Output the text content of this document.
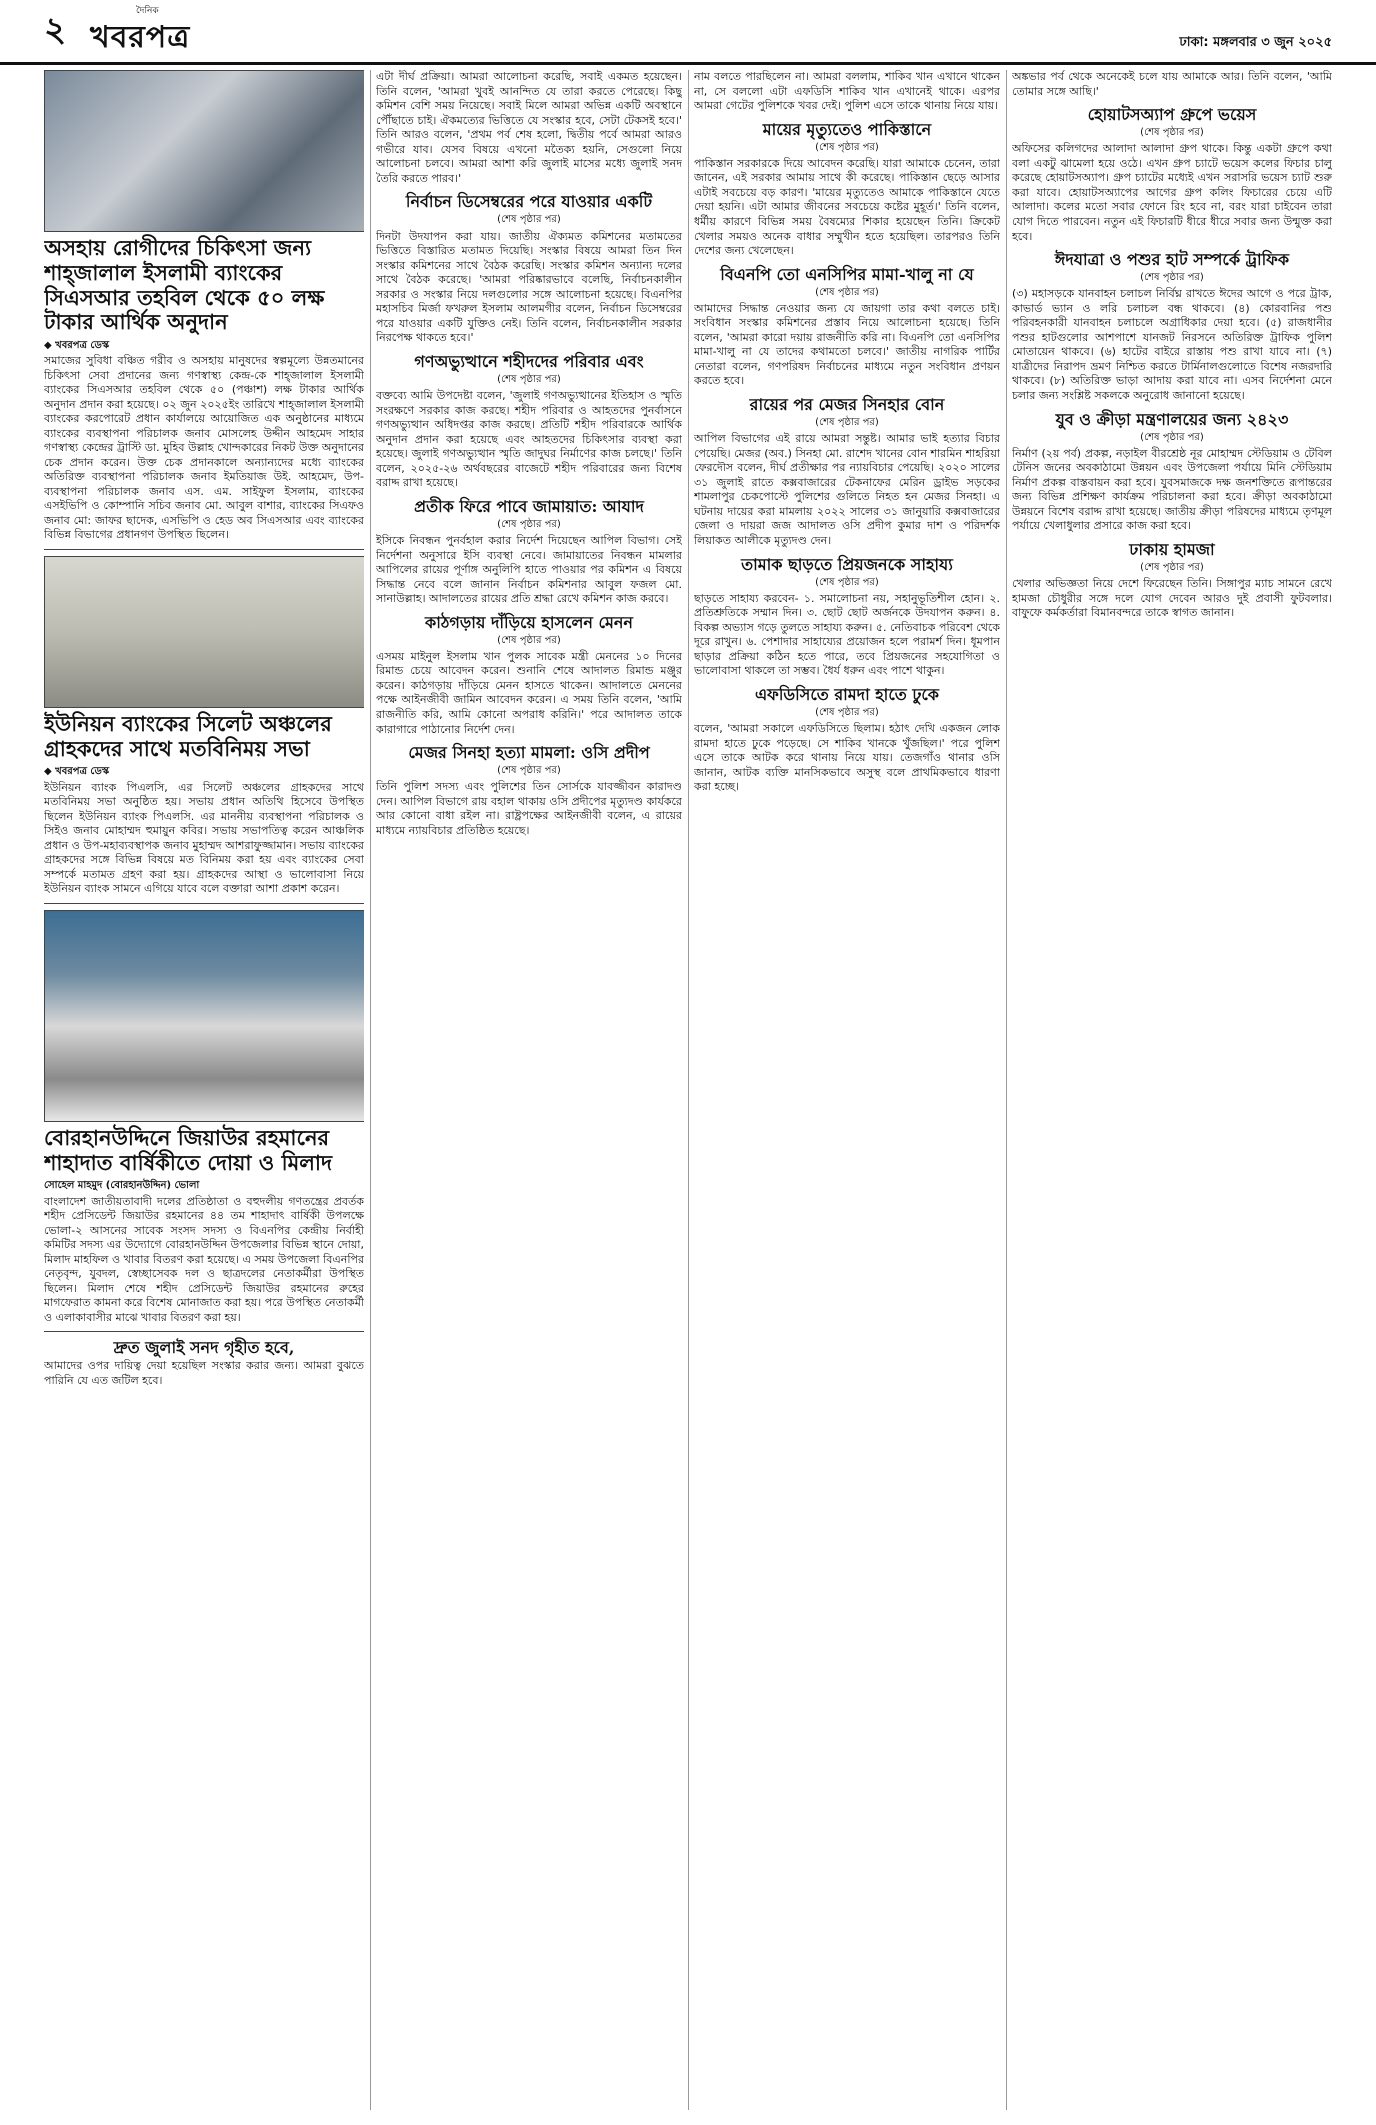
২	দৈনিক
খবরপত্র	ঢাকা: মঙ্গলবার ৩ জুন ২০২৫
অসহায় রোগীদের চিকিৎসা জন্য শাহ্‌জালাল ইসলামী ব্যাংকের সিএসআর তহবিল থেকে ৫০ লক্ষ টাকার আর্থিক অনুদান
◆ খবরপত্র ডেস্ক
সমাজের সুবিধা বঞ্চিত গরীব ও অসহায় মানুষদের স্বল্পমূল্যে উন্নতমানের চিকিৎসা সেবা প্রদানের জন্য গণস্বাস্থ্য কেন্দ্র-কে শাহ্‌জালাল ইসলামী ব্যাংকের সিএসআর তহবিল থেকে ৫০ (পঞ্চাশ) লক্ষ টাকার আর্থিক অনুদান প্রদান করা হয়েছে। ০২ জুন ২০২৫ইং তারিখে শাহ্‌জালাল ইসলামী ব্যাংকের করপোরেট প্রধান কার্যালয়ে আয়োজিত এক অনুষ্ঠানের মাধ্যমে ব্যাংকের ব্যবস্থাপনা পরিচালক জনাব মোসলেহ উদ্দীন আহমেদ সাহার গণস্বাস্থ্য কেন্দ্রের ট্রাস্টি ডা. মুহিব উল্লাহ খোন্দকারের নিকট উক্ত অনুদানের চেক প্রদান করেন। উক্ত চেক প্রদানকালে অন্যান্যদের মধ্যে ব্যাংকের অতিরিক্ত ব্যবস্থাপনা পরিচালক জনাব ইমতিয়াজ উই. আহমেদ, উপ-ব্যবস্থাপনা পরিচালক জনাব এস. এম. সাইফুল ইসলাম, ব্যাংকের এসইভিপি ও কোম্পানি সচিব জনাব মো. আবুল বাশার, ব্যাংকের সিএফও জনাব মো: জাফর ছাদেক, এসভিপি ও হেড অব সিএসআর এবং ব্যাংকের বিভিন্ন বিভাগের প্রধানগণ উপস্থিত ছিলেন।
ইউনিয়ন ব্যাংকের সিলেট অঞ্চলের গ্রাহকদের সাথে মতবিনিময় সভা
◆ খবরপত্র ডেস্ক
ইউনিয়ন ব্যাংক পিএলসি, এর সিলেট অঞ্চলের গ্রাহকদের সাথে মতবিনিময় সভা অনুষ্ঠিত হয়। সভায় প্রধান অতিথি হিসেবে উপস্থিত ছিলেন ইউনিয়ন ব্যাংক পিএলসি. এর মাননীয় ব্যবস্থাপনা পরিচালক ও সিইও জনাব মোহাম্মদ হুমায়ুন কবির। সভায় সভাপতিত্ব করেন আঞ্চলিক প্রধান ও উপ-মহাব্যবস্থাপক জনাব মুহাম্মদ আশরাফুজ্জামান। সভায় ব্যাংকের গ্রাহকদের সঙ্গে বিভিন্ন বিষয়ে মত বিনিময় করা হয় এবং ব্যাংকের সেবা সম্পর্কে মতামত গ্রহণ করা হয়। গ্রাহকদের আস্থা ও ভালোবাসা নিয়ে ইউনিয়ন ব্যাংক সামনে এগিয়ে যাবে বলে বক্তারা আশা প্রকাশ করেন।
বোরহানউদ্দিনে জিয়াউর রহমানের শাহাদাত বার্ষিকীতে দোয়া ও মিলাদ
সোহেল মাহমুদ (বোরহানউদ্দিন) ভোলা
বাংলাদেশ জাতীয়তাবাদী দলের প্রতিষ্ঠাতা ও বহুদলীয় গণতন্ত্রের প্রবর্তক শহীদ প্রেসিডেন্ট জিয়াউর রহমানের ৪৪ তম শাহাদাৎ বার্ষিকী উপলক্ষে ভোলা-২ আসনের সাবেক সংসদ সদস্য ও বিএনপির কেন্দ্রীয় নির্বাহী কমিটির সদস্য এর উদ্যোগে বোরহানউদ্দিন উপজেলার বিভিন্ন স্থানে দোয়া, মিলাদ মাহফিল ও খাবার বিতরণ করা হয়েছে। এ সময় উপজেলা বিএনপির নেতৃবৃন্দ, যুবদল, স্বেচ্ছাসেবক দল ও ছাত্রদলের নেতাকর্মীরা উপস্থিত ছিলেন। মিলাদ শেষে শহীদ প্রেসিডেন্ট জিয়াউর রহমানের রুহের মাগফেরাত কামনা করে বিশেষ মোনাজাত করা হয়। পরে উপস্থিত নেতাকর্মী ও এলাকাবাসীর মাঝে খাবার বিতরণ করা হয়।
দ্রুত জুলাই সনদ গৃহীত হবে,
আমাদের ওপর দায়িত্ব দেয়া হয়েছিল সংস্কার করার জন্য। আমরা বুঝতে পারিনি যে এত জটিল হবে।
এটা দীর্ঘ প্রক্রিয়া। আমরা আলোচনা করেছি, সবাই একমত হয়েছেন। তিনি বলেন, 'আমরা খুবই আনন্দিত যে তারা করতে পেরেছে। কিছু কমিশন বেশি সময় নিয়েছে। সবাই মিলে আমরা অভিন্ন একটি অবস্থানে পৌঁছাতে চাই। ঐকমত্যের ভিত্তিতে যে সংস্কার হবে, সেটা টেকসই হবে।' তিনি আরও বলেন, 'প্রথম পর্ব শেষ হলো, দ্বিতীয় পর্বে আমরা আরও গভীরে যাব। যেসব বিষয়ে এখনো মতৈক্য হয়নি, সেগুলো নিয়ে আলোচনা চলবে। আমরা আশা করি জুলাই মাসের মধ্যে জুলাই সনদ তৈরি করতে পারব।'
নির্বাচন ডিসেম্বরের পরে যাওয়ার একটি
(শেষ পৃষ্ঠার পর)
দিনটা উদযাপন করা যায়। জাতীয় ঐক্যমত কমিশনের মতামতের ভিত্তিতে বিস্তারিত মতামত দিয়েছি। সংস্কার বিষয়ে আমরা তিন দিন সংস্কার কমিশনের সাথে বৈঠক করেছি। সংস্কার কমিশন অন্যান্য দলের সাথে বৈঠক করেছে। 'আমরা পরিষ্কারভাবে বলেছি, নির্বাচনকালীন সরকার ও সংস্কার নিয়ে দলগুলোর সঙ্গে আলোচনা হয়েছে। বিএনপির মহাসচিব মির্জা ফখরুল ইসলাম আলমগীর বলেন, নির্বাচন ডিসেম্বরের পরে যাওয়ার একটি যুক্তিও নেই। তিনি বলেন, নির্বাচনকালীন সরকার নিরপেক্ষ থাকতে হবে।'
গণঅভ্যুত্থানে শহীদদের পরিবার এবং
(শেষ পৃষ্ঠার পর)
বক্তব্যে আমি উপদেষ্টা বলেন, 'জুলাই গণঅভ্যুত্থানের ইতিহাস ও স্মৃতি সংরক্ষণে সরকার কাজ করছে। শহীদ পরিবার ও আহতদের পুনর্বাসনে গণঅভ্যুত্থান অধিদপ্তর কাজ করছে। প্রতিটি শহীদ পরিবারকে আর্থিক অনুদান প্রদান করা হয়েছে এবং আহতদের চিকিৎসার ব্যবস্থা করা হয়েছে। জুলাই গণঅভ্যুত্থান স্মৃতি জাদুঘর নির্মাণের কাজ চলছে।' তিনি বলেন, ২০২৫-২৬ অর্থবছরের বাজেটে শহীদ পরিবারের জন্য বিশেষ বরাদ্দ রাখা হয়েছে।
প্রতীক ফিরে পাবে জামায়াত: আযাদ
(শেষ পৃষ্ঠার পর)
ইসিকে নিবন্ধন পুনর্বহাল করার নির্দেশ দিয়েছেন আপিল বিভাগ। সেই নির্দেশনা অনুসারে ইসি ব্যবস্থা নেবে। জামায়াতের নিবন্ধন মামলার আপিলের রায়ের পূর্ণাঙ্গ অনুলিপি হাতে পাওয়ার পর কমিশন এ বিষয়ে সিদ্ধান্ত নেবে বলে জানান নির্বাচন কমিশনার আবুল ফজল মো. সানাউল্লাহ। আদালতের রায়ের প্রতি শ্রদ্ধা রেখে কমিশন কাজ করবে।
কাঠগড়ায় দাঁড়িয়ে হাসলেন মেনন
(শেষ পৃষ্ঠার পর)
এসময় মাইনুল ইসলাম খান পুলক সাবেক মন্ত্রী মেননের ১০ দিনের রিমান্ড চেয়ে আবেদন করেন। শুনানি শেষে আদালত রিমান্ড মঞ্জুর করেন। কাঠগড়ায় দাঁড়িয়ে মেনন হাসতে থাকেন। আদালতে মেননের পক্ষে আইনজীবী জামিন আবেদন করেন। এ সময় তিনি বলেন, 'আমি রাজনীতি করি, আমি কোনো অপরাধ করিনি।' পরে আদালত তাকে কারাগারে পাঠানোর নির্দেশ দেন।
মেজর সিনহা হত্যা মামলা: ওসি প্রদীপ
(শেষ পৃষ্ঠার পর)
তিনি পুলিশ সদস্য এবং পুলিশের তিন সোর্সকে যাবজ্জীবন কারাদণ্ড দেন। আপিল বিভাগে রায় বহাল থাকায় ওসি প্রদীপের মৃত্যুদণ্ড কার্যকরে আর কোনো বাধা রইল না। রাষ্ট্রপক্ষের আইনজীবী বলেন, এ রায়ের মাধ্যমে ন্যায়বিচার প্রতিষ্ঠিত হয়েছে।
নাম বলতে পারছিলেন না। আমরা বললাম, শাকিব খান এখানে থাকেন না, সে বললো এটা এফডিসি শাকিব খান এখানেই থাকে। এরপর আমরা গেটের পুলিশকে খবর দেই। পুলিশ এসে তাকে থানায় নিয়ে যায়।
মায়ের মৃত্যুতেও পাকিস্তানে
(শেষ পৃষ্ঠার পর)
পাকিস্তান সরকারকে দিয়ে আবেদন করেছি। যারা আমাকে চেনেন, তারা জানেন, এই সরকার আমায় সাথে কী করেছে। পাকিস্তান ছেড়ে আসার এটাই সবচেয়ে বড় কারণ। 'মায়ের মৃত্যুতেও আমাকে পাকিস্তানে যেতে দেয়া হয়নি। এটা আমার জীবনের সবচেয়ে কষ্টের মুহূর্ত।' তিনি বলেন, ধর্মীয় কারণে বিভিন্ন সময় বৈষম্যের শিকার হয়েছেন তিনি। ক্রিকেট খেলার সময়ও অনেক বাধার সম্মুখীন হতে হয়েছিল। তারপরও তিনি দেশের জন্য খেলেছেন।
বিএনপি তো এনসিপির মামা-খালু না যে
(শেষ পৃষ্ঠার পর)
আমাদের সিদ্ধান্ত নেওয়ার জন্য যে জায়গা তার কথা বলতে চাই। সংবিধান সংস্কার কমিশনের প্রস্তাব নিয়ে আলোচনা হয়েছে। তিনি বলেন, 'আমরা কারো দয়ায় রাজনীতি করি না। বিএনপি তো এনসিপির মামা-খালু না যে তাদের কথামতো চলবে।' জাতীয় নাগরিক পার্টির নেতারা বলেন, গণপরিষদ নির্বাচনের মাধ্যমে নতুন সংবিধান প্রণয়ন করতে হবে।
রায়ের পর মেজর সিনহার বোন
(শেষ পৃষ্ঠার পর)
আপিল বিভাগের এই রায়ে আমরা সন্তুষ্ট। আমার ভাই হত্যার বিচার পেয়েছি। মেজর (অব.) সিনহা মো. রাশেদ খানের বোন শারমিন শাহরিয়া ফেরদৌস বলেন, দীর্ঘ প্রতীক্ষার পর ন্যায়বিচার পেয়েছি। ২০২০ সালের ৩১ জুলাই রাতে কক্সবাজারের টেকনাফের মেরিন ড্রাইভ সড়কের শামলাপুর চেকপোস্টে পুলিশের গুলিতে নিহত হন মেজর সিনহা। এ ঘটনায় দায়ের করা মামলায় ২০২২ সালের ৩১ জানুয়ারি কক্সবাজারের জেলা ও দায়রা জজ আদালত ওসি প্রদীপ কুমার দাশ ও পরিদর্শক লিয়াকত আলীকে মৃত্যুদণ্ড দেন।
তামাক ছাড়তে প্রিয়জনকে সাহায্য
(শেষ পৃষ্ঠার পর)
ছাড়তে সাহায্য করবেন- ১. সমালোচনা নয়, সহানুভূতিশীল হোন। ২. প্রতিশ্রুতিকে সম্মান দিন। ৩. ছোট ছোট অর্জনকে উদযাপন করুন। ৪. বিকল্প অভ্যাস গড়ে তুলতে সাহায্য করুন। ৫. নেতিবাচক পরিবেশ থেকে দূরে রাখুন। ৬. পেশাদার সাহায্যের প্রয়োজন হলে পরামর্শ দিন। ধূমপান ছাড়ার প্রক্রিয়া কঠিন হতে পারে, তবে প্রিয়জনের সহযোগিতা ও ভালোবাসা থাকলে তা সম্ভব। ধৈর্য ধরুন এবং পাশে থাকুন।
এফডিসিতে রামদা হাতে ঢুকে
(শেষ পৃষ্ঠার পর)
বলেন, 'আমরা সকালে এফডিসিতে ছিলাম। হঠাৎ দেখি একজন লোক রামদা হাতে ঢুকে পড়েছে। সে শাকিব খানকে খুঁজছিল।' পরে পুলিশ এসে তাকে আটক করে থানায় নিয়ে যায়। তেজগাঁও থানার ওসি জানান, আটক ব্যক্তি মানসিকভাবে অসুস্থ বলে প্রাথমিকভাবে ধারণা করা হচ্ছে।
অঙ্কভার পর্ব থেকে অনেকেই চলে যায় আমাকে আর। তিনি বলেন, 'আমি তোমার সঙ্গে আছি।'
হোয়াটসঅ্যাপ গ্রুপে ভয়েস
(শেষ পৃষ্ঠার পর)
অফিসের কলিগদের আলাদা আলাদা গ্রুপ থাকে। কিন্তু একটা গ্রুপে কথা বলা একটু ঝামেলা হয়ে ওঠে। এখন গ্রুপ চ্যাটে ভয়েস কলের ফিচার চালু করেছে হোয়াটসঅ্যাপ। গ্রুপ চ্যাটের মধ্যেই এখন সরাসরি ভয়েস চ্যাট শুরু করা যাবে। হোয়াটসঅ্যাপের আগের গ্রুপ কলিং ফিচারের চেয়ে এটি আলাদা। কলের মতো সবার ফোনে রিং হবে না, বরং যারা চাইবেন তারা যোগ দিতে পারবেন। নতুন এই ফিচারটি ধীরে ধীরে সবার জন্য উন্মুক্ত করা হবে।
ঈদযাত্রা ও পশুর হাট সম্পর্কে ট্রাফিক
(শেষ পৃষ্ঠার পর)
(৩) মহাসড়কে যানবাহন চলাচল নির্বিঘ্ন রাখতে ঈদের আগে ও পরে ট্রাক, কাভার্ড ভ্যান ও লরি চলাচল বন্ধ থাকবে। (৪) কোরবানির পশু পরিবহনকারী যানবাহন চলাচলে অগ্রাধিকার দেয়া হবে। (৫) রাজধানীর পশুর হাটগুলোর আশপাশে যানজট নিরসনে অতিরিক্ত ট্রাফিক পুলিশ মোতায়েন থাকবে। (৬) হাটের বাইরে রাস্তায় পশু রাখা যাবে না। (৭) যাত্রীদের নিরাপদ ভ্রমণ নিশ্চিত করতে টার্মিনালগুলোতে বিশেষ নজরদারি থাকবে। (৮) অতিরিক্ত ভাড়া আদায় করা যাবে না। এসব নির্দেশনা মেনে চলার জন্য সংশ্লিষ্ট সকলকে অনুরোধ জানানো হয়েছে।
যুব ও ক্রীড়া মন্ত্রণালয়ের জন্য ২৪২৩
(শেষ পৃষ্ঠার পর)
নির্মাণ (২য় পর্ব) প্রকল্প, নড়াইল বীরশ্রেষ্ঠ নূর মোহাম্মদ স্টেডিয়াম ও টেবিল টেনিস জনের অবকাঠামো উন্নয়ন এবং উপজেলা পর্যায়ে মিনি স্টেডিয়াম নির্মাণ প্রকল্প বাস্তবায়ন করা হবে। যুবসমাজকে দক্ষ জনশক্তিতে রূপান্তরের জন্য বিভিন্ন প্রশিক্ষণ কার্যক্রম পরিচালনা করা হবে। ক্রীড়া অবকাঠামো উন্নয়নে বিশেষ বরাদ্দ রাখা হয়েছে। জাতীয় ক্রীড়া পরিষদের মাধ্যমে তৃণমূল পর্যায়ে খেলাধুলার প্রসারে কাজ করা হবে।
ঢাকায় হামজা
(শেষ পৃষ্ঠার পর)
খেলার অভিজ্ঞতা নিয়ে দেশে ফিরেছেন তিনি। সিঙ্গাপুর ম্যাচ সামনে রেখে হামজা চৌধুরীর সঙ্গে দলে যোগ দেবেন আরও দুই প্রবাসী ফুটবলার। বাফুফে কর্মকর্তারা বিমানবন্দরে তাকে স্বাগত জানান।
